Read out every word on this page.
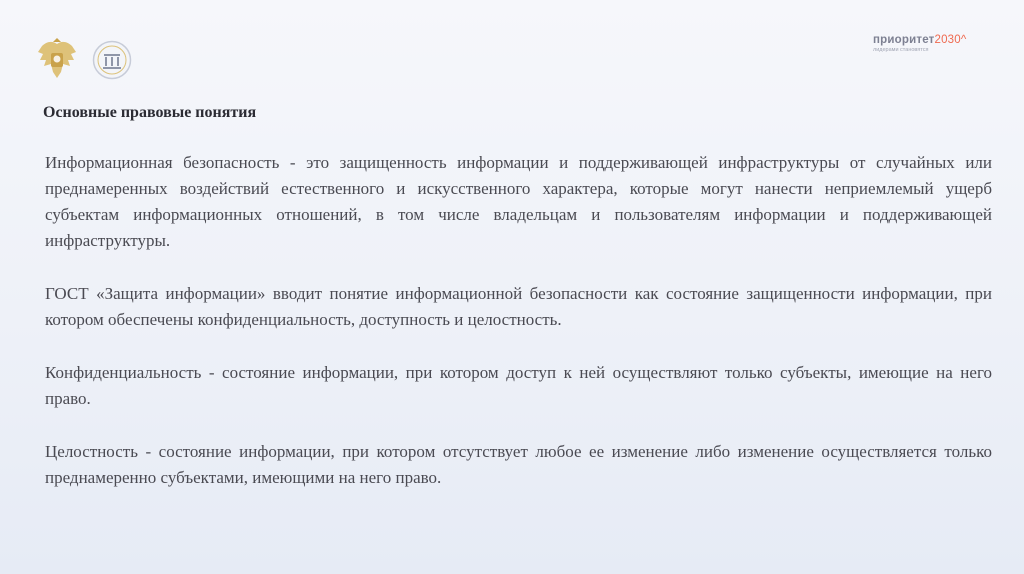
приоритет2030^
лидерами становятся
Основные правовые понятия

Информационная безопасность - это защищенность информации и поддерживающей инфраструктуры от случайных или преднамеренных воздействий естественного и искусственного характера, которые могут нанести неприемлемый ущерб субъектам информационных отношений, в том числе владельцам и пользователям информации и поддерживающей инфраструктуры.

ГОСТ «Защита информации» вводит понятие информационной безопасности как состояние защищенности информации, при котором обеспечены конфиденциальность, доступность и целостность.

Конфиденциальность - состояние информации, при котором доступ к ней осуществляют только субъекты, имеющие на него право.

Целостность - состояние информации, при котором отсутствует любое ее изменение либо изменение осуществляется только преднамеренно субъектами, имеющими на него право.
